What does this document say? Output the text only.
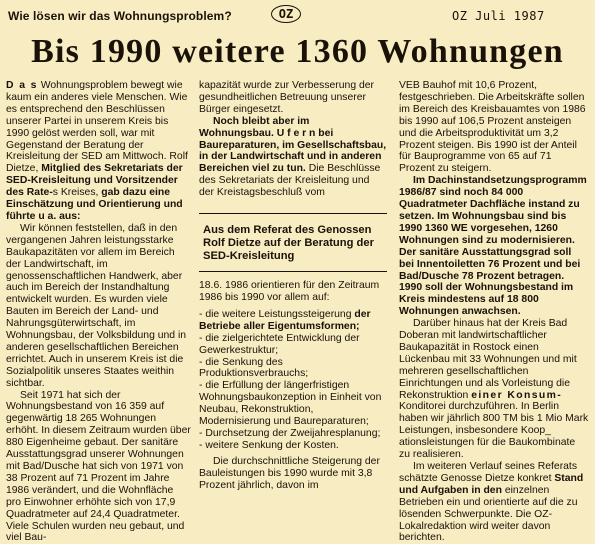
Wie lösen wir das Wohnungsproblem?	OZ	OZ Juli 1987
Bis 1990 weitere 1360 Wohnungen

D a s Wohnungsproblem bewegt wie kaum ein anderes viele Menschen. Wie es entsprechend den Beschlüssen unserer Partei in unserem Kreis bis 1990 gelöst werden soll, war mit Gegenstand der Beratung der Kreisleitung der SED am Mittwoch. Rolf Dietze, Mitglied des Sekretariats der SED-Kreisleitung und Vorsitzender des Rate-s Kreises, gab dazu eine Einschätzung und Orientierung und führte u a. aus:

Wir können feststellen, daß in den vergangenen Jahren leistungsstarke Baukapazitäten vor allem im Bereich der Landwirtschaft, im genossenschaftlichen Handwerk, aber auch im Bereich der Instandhaltung entwickelt wurden. Es wurden viele Bauten im Bereich der Land- und Nahrungsgüterwirtschaft, im Wohnungsbau, der Volksbildung und in anderen gesellschaftlichen Bereichen errichtet. Auch in unserem Kreis ist die Sozialpolitik unseres Staates weithin sichtbar.

Seit 1971 hat sich der Wohnungsbestand von 16 359 auf gegenwärtig 18 265 Wohnungen erhöht. In diesem Zeitraum wurden über 880 Eigenheime gebaut. Der sanitäre Ausstattungsgrad unserer Wohnungen mit Bad/Dusche hat sich von 1971 von 38 Prozent auf 71 Prozent im Jahre 1986 verändert, und die Wohnfläche pro Einwohner erhöhte sich von 17,9 Quadratmeter auf 24,4 Quadratmeter. Viele Schulen wurden neu gebaut, und viel Bau-

kapazität wurde zur Verbesserung der gesundheitlichen Betreuung unserer Bürger eingesetzt.

Noch bleibt aber im Wohnungsbau. U f e r n bei Baureparaturen, im Gesellschaftsbau, in der Landwirtschaft und in anderen Bereichen viel zu tun. Die Beschlüsse des Sekretariats der Kreisleitung und der Kreistagsbeschluß vom

Aus dem Referat des Genossen Rolf Dietze auf der Beratung der SED-Kreisleitung

18.6. 1986 orientieren für den Zeitraum 1986 bis 1990 vor allem auf:

- die weitere Leistungssteigerung der Betriebe aller Eigentumsformen;

- die zielgerichtete Entwicklung der Gewerkestruktur;

- die Senkung des Produktionsverbrauchs;

- die Erfüllung der längerfristigen Wohnungsbaukonzeption in Einheit von Neubau, Rekonstruktion, Modernisierung und Baureparaturen;

- Durchsetzung der Zweijahresplanung;

- weitere Senkung der Kosten.

Die durchschnittliche Steigerung der Bauleistungen bis 1990 wurde mit 3,8 Prozent jährlich, davon im

VEB Bauhof mit 10,6 Prozent, festgeschrieben. Die Arbeitskräfte sollen im Bereich des Kreisbauamtes von 1986 bis 1990 auf 106,5 Prozent ansteigen und die Arbeitsproduktivität um 3,2 Prozent steigen. Bis 1990 ist der Anteil für Bauprogramme von 65 auf 71 Prozent zu steigern.

Im Dachinstandsetzungsprogramm 1986/87 sind noch 84 000 Quadratmeter Dachfläche instand zu setzen. Im Wohnungsbau sind bis 1990 1360 WE vorgesehen, 1260 Wohnungen sind zu modernisieren. Der sanitäre Ausstattungsgrad soll bei Innentoiletten 76 Prozent und bei Bad/Dusche 78 Prozent betragen. 1990 soll der Wohnungsbestand im Kreis mindestens auf 18 800 Wohnungen anwachsen.

Darüber hinaus hat der Kreis Bad Doberan mit landwirtschaftlicher Baukapazität in Rostock einen Lückenbau mit 33 Wohnungen und mit mehreren gesellschaftlichen Einrichtungen und als Vorleistung die Rekonstruktion einer Konsum-Konditorei durchzuführen. In Berlin haben wir jährlich 800 TM bis 1 Mio Mark Leistungen, insbesondere Koop_ ationsleistungen für die Baukombinate zu realisieren.

Im weiteren Verlauf seines Referats schätzte Genosse Dietze konkret Stand und Aufgaben in den einzelnen Betrieben ein und orientierte auf die zu lösenden Schwerpunkte. Die OZ-Lokalredaktion wird weiter davon berichten.
